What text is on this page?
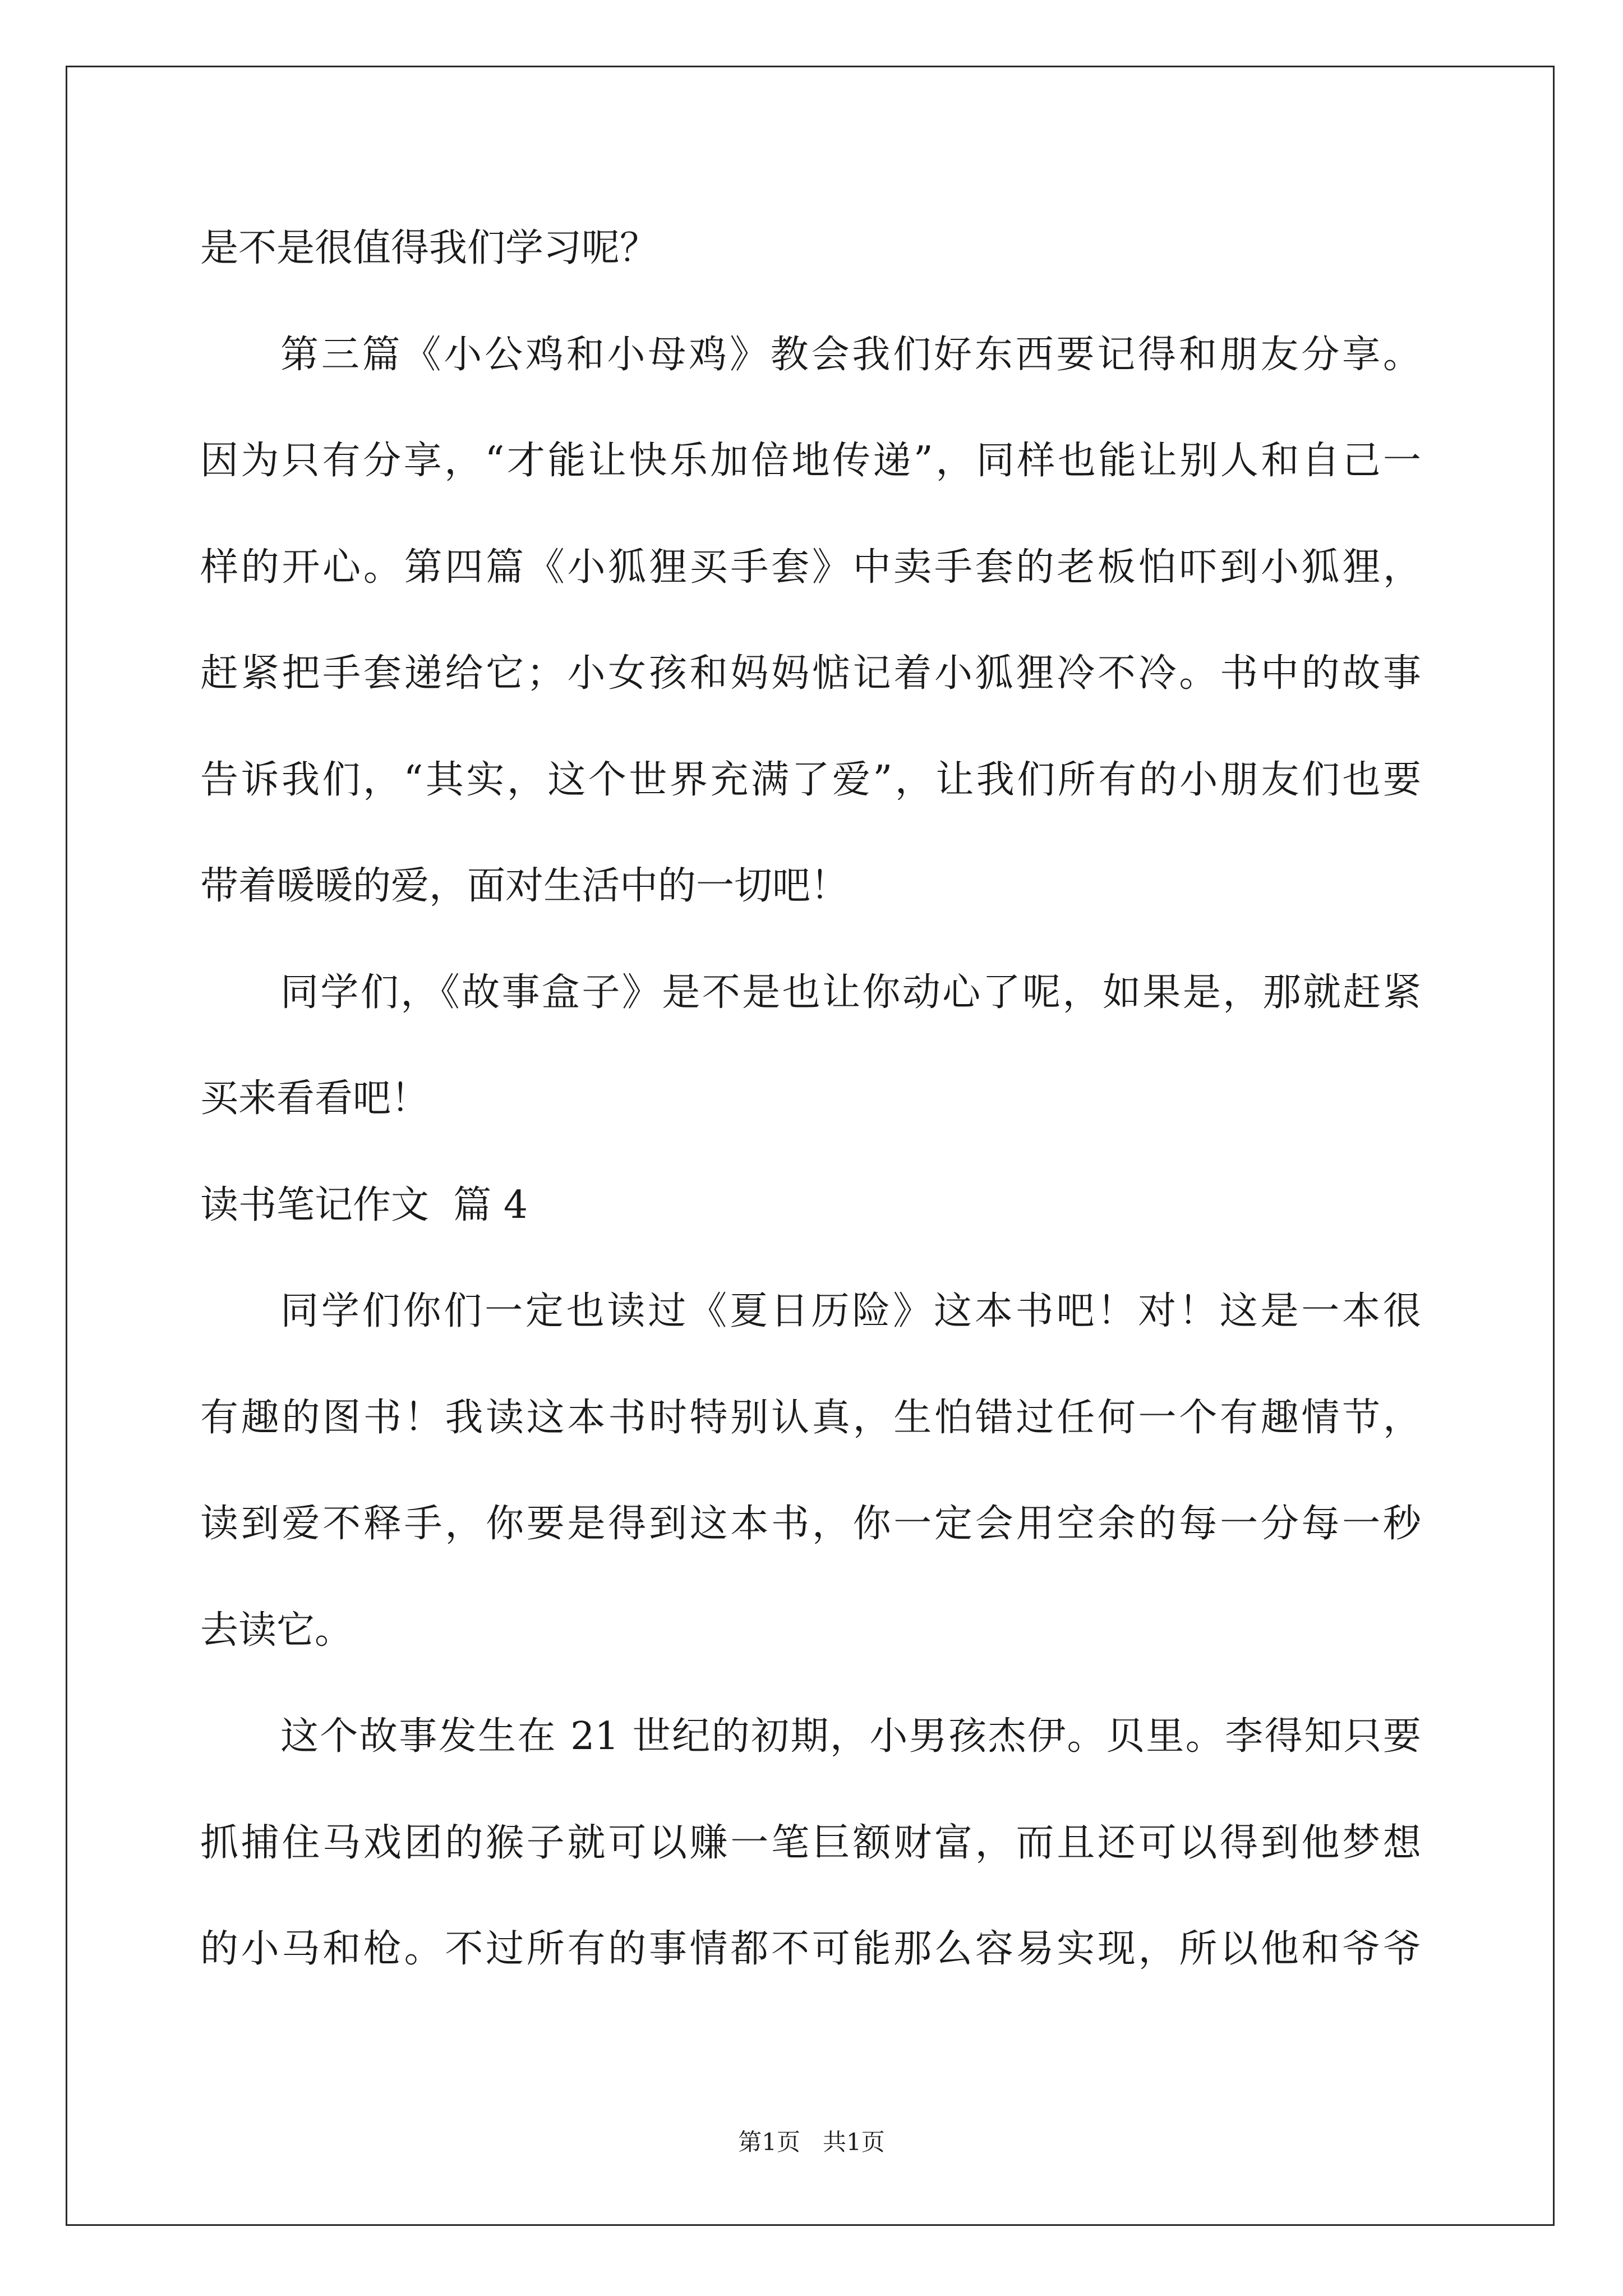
是不是很值得我们学习呢？
第三篇《小公鸡和小母鸡》教会我们好东西要记得和朋友分享。
因为只有分享，“才能让快乐加倍地传递”，同样也能让别人和自己一
样的开心。第四篇《小狐狸买手套》中卖手套的老板怕吓到小狐狸，
赶紧把手套递给它；小女孩和妈妈惦记着小狐狸冷不冷。书中的故事
告诉我们，“其实，这个世界充满了爱”，让我们所有的小朋友们也要
带着暖暖的爱，面对生活中的一切吧！
同学们，《故事盒子》是不是也让你动心了呢，如果是，那就赶紧
买来看看吧！
读书笔记作文  篇 4
同学们你们一定也读过《夏日历险》这本书吧！对！这是一本很
有趣的图书！我读这本书时特别认真，生怕错过任何一个有趣情节，
读到爱不释手，你要是得到这本书，你一定会用空余的每一分每一秒
去读它。
这个故事发生在 21 世纪的初期，小男孩杰伊。贝里。李得知只要
抓捕住马戏团的猴子就可以赚一笔巨额财富，而且还可以得到他梦想
的小马和枪。不过所有的事情都不可能那么容易实现，所以他和爷爷
第1页   共1页
